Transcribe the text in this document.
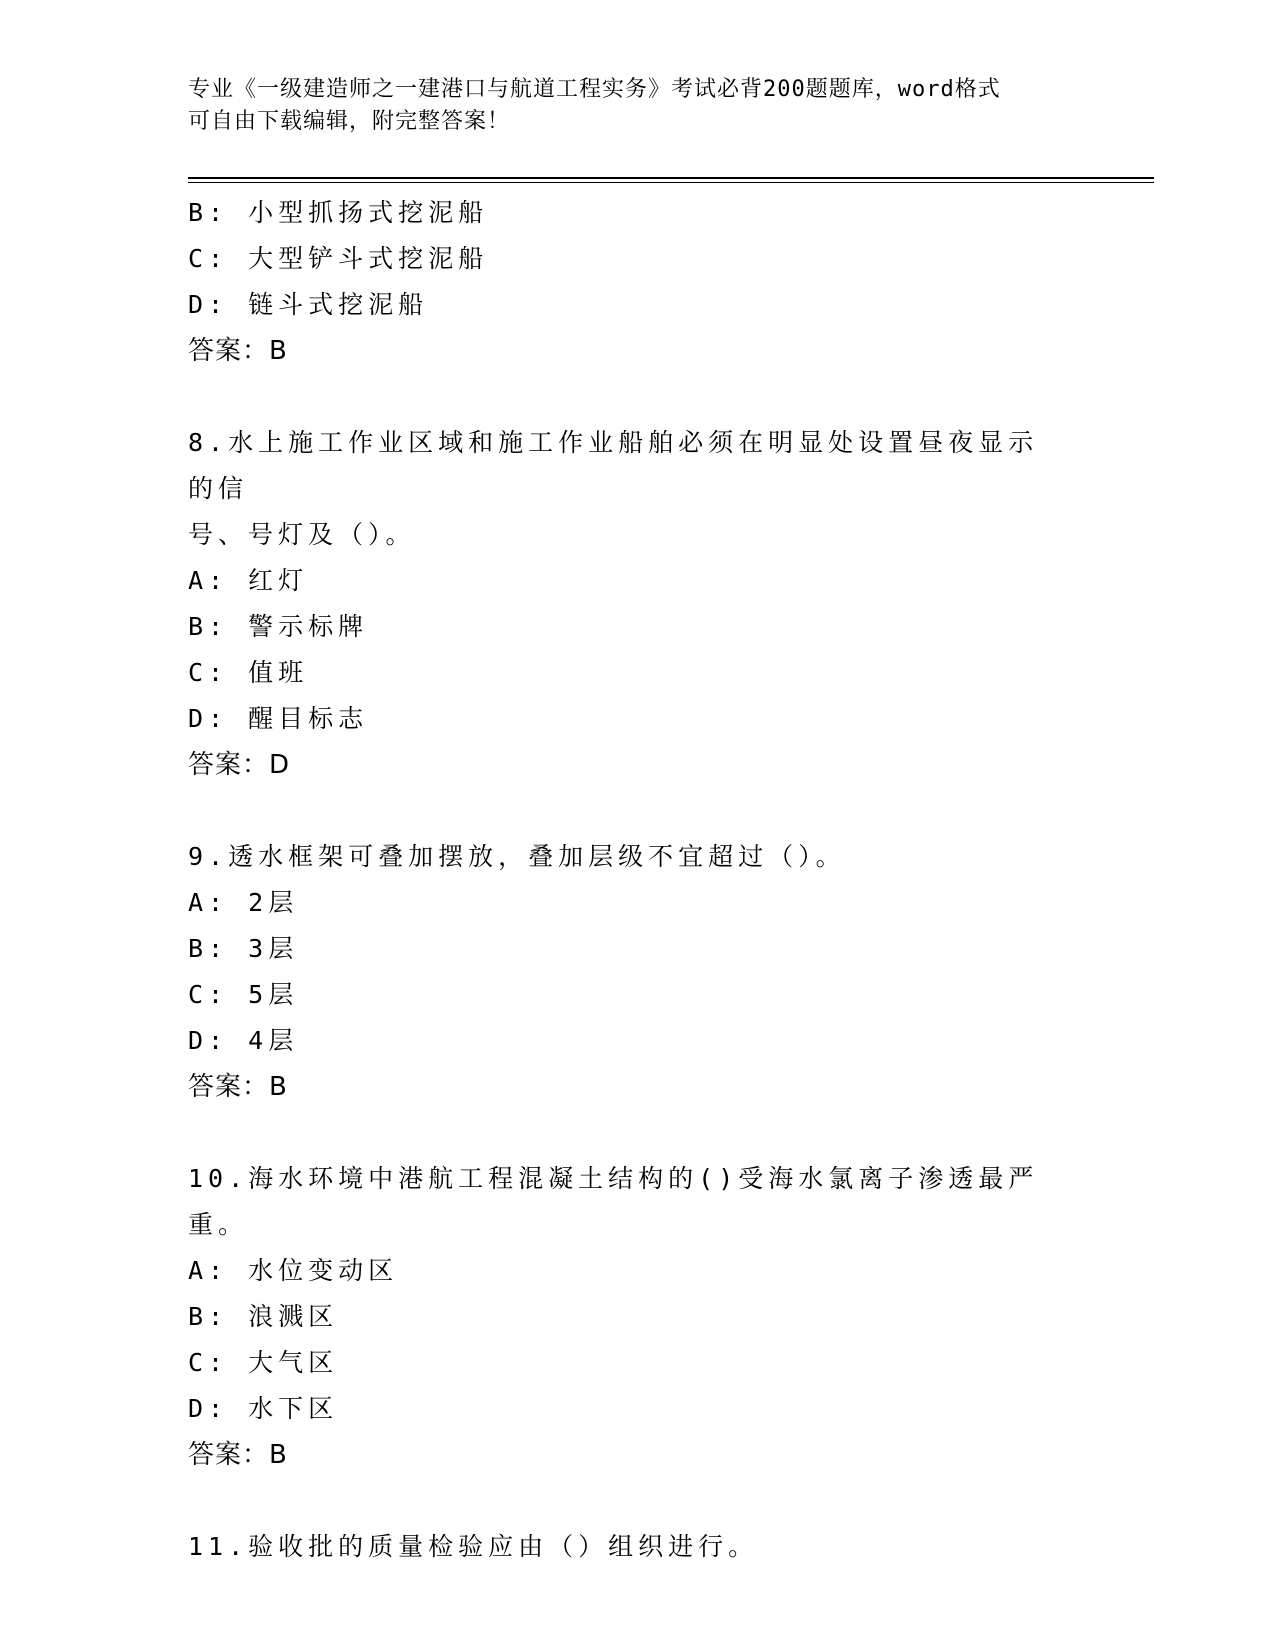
专业《一级建造师之一建港口与航道工程实务》考试必背200题题库，word格式
可自由下载编辑，附完整答案！
B: 小型抓扬式挖泥船
C: 大型铲斗式挖泥船
D: 链斗式挖泥船
答案：B
8.水上施工作业区域和施工作业船舶必须在明显处设置昼夜显示的信
号、号灯及（）。
A: 红灯
B: 警示标牌
C: 值班
D: 醒目标志
答案：D
9.透水框架可叠加摆放，叠加层级不宜超过（）。
A: 2层
B: 3层
C: 5层
D: 4层
答案：B
10.海水环境中港航工程混凝土结构的()受海水氯离子渗透最严重。
A: 水位变动区
B: 浪溅区
C: 大气区
D: 水下区
答案：B
11.验收批的质量检验应由（）组织进行。
